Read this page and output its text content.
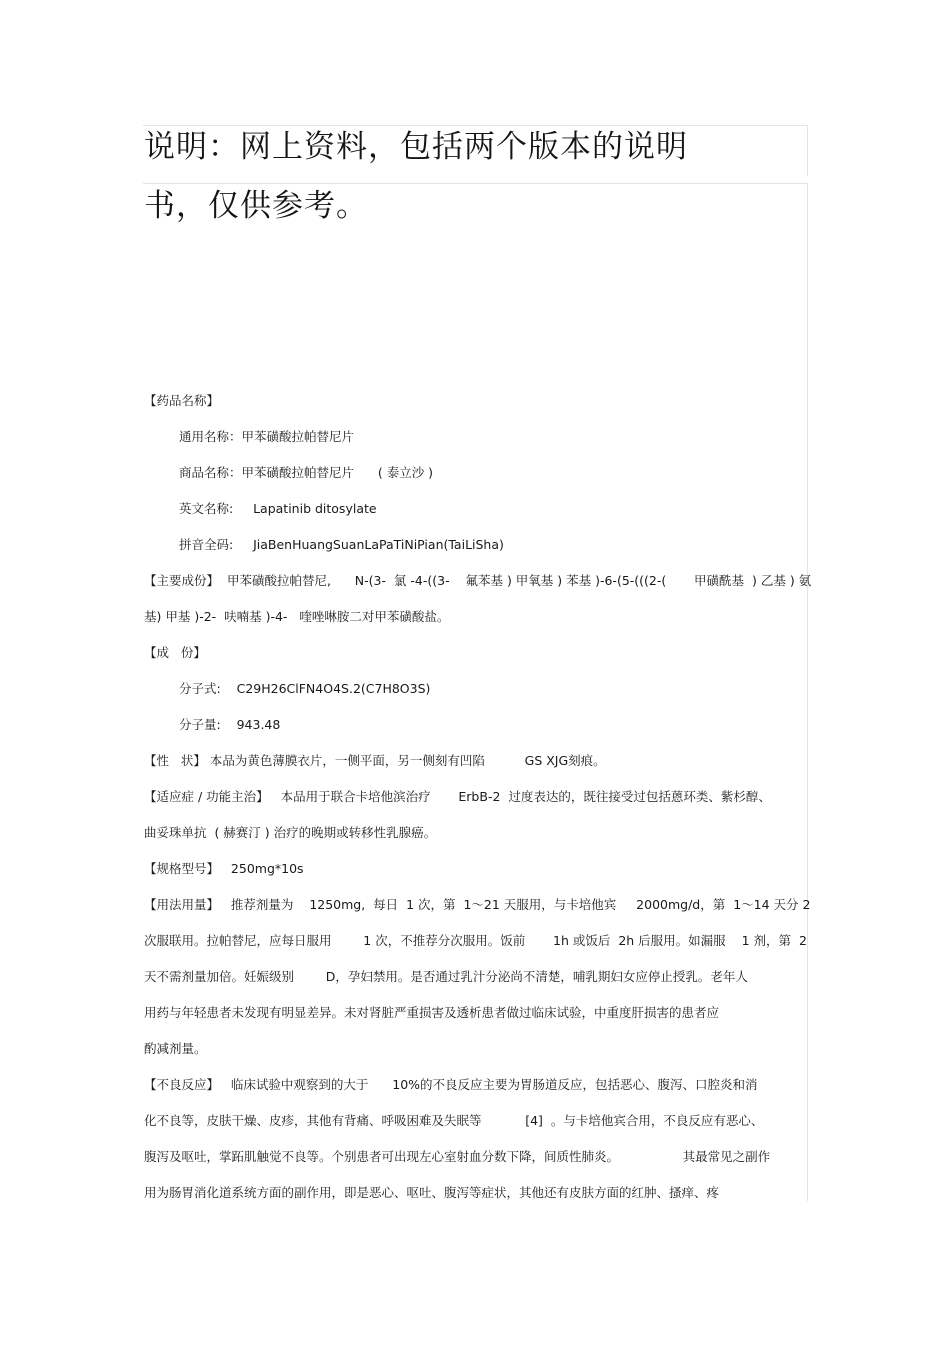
说明：网上资料，包括两个版本的说明
书，仅供参考。
【药品名称】
通用名称：甲苯磺酸拉帕替尼片
商品名称：甲苯磺酸拉帕替尼片      ( 泰立沙 )
英文名称:     Lapatinib ditosylate
拼音全码:     JiaBenHuangSuanLaPaTiNiPian(TaiLiSha)
【主要成份】  甲苯磺酸拉帕替尼,      N-(3-  氯 -4-((3-    氟苯基 ) 甲氧基 ) 苯基 )-6-(5-(((2-(       甲磺酰基  ) 乙基 ) 氨
基) 甲基 )-2-  呋喃基 )-4-   喹唑啉胺二对甲苯磺酸盐。
【成   份】
分子式:    C29H26ClFN4O4S.2(C7H8O3S)
分子量:    943.48
【性   状】 本品为黄色薄膜衣片，一侧平面，另一侧刻有凹陷          GS XJG刻痕。
【适应症 / 功能主治】   本品用于联合卡培他滨治疗       ErbB-2  过度表达的，既往接受过包括蒽环类、紫杉醇、
曲妥珠单抗  ( 赫赛汀 ) 治疗的晚期或转移性乳腺癌。
【规格型号】   250mg*10s
【用法用量】   推荐剂量为    1250mg,  每日  1 次，第  1～21 天服用，与卡培他宾     2000mg/d，第  1～14 天分 2
次服联用。拉帕替尼，应每日服用        1 次，不推荐分次服用。饭前       1h 或饭后  2h 后服用。如漏服    1 剂，第  2
天不需剂量加倍。妊娠级别        D，孕妇禁用。是否通过乳汁分泌尚不清楚，哺乳期妇女应停止授乳。老年人
用药与年轻患者未发现有明显差异。未对肾脏严重损害及透析患者做过临床试验，中重度肝损害的患者应
酌减剂量。
【不良反应】   临床试验中观察到的大于      10%的不良反应主要为胃肠道反应，包括恶心、腹泻、口腔炎和消
化不良等，皮肤干燥、皮疹，其他有背痛、呼吸困难及失眠等           [4]  。与卡培他宾合用，不良反应有恶心、
腹泻及呕吐，掌跖肌触觉不良等。个别患者可出现左心室射血分数下降，间质性肺炎。                其最常见之副作
用为肠胃消化道系统方面的副作用，即是恶心、呕吐、腹泻等症状，其他还有皮肤方面的红肿、搔痒、疼
